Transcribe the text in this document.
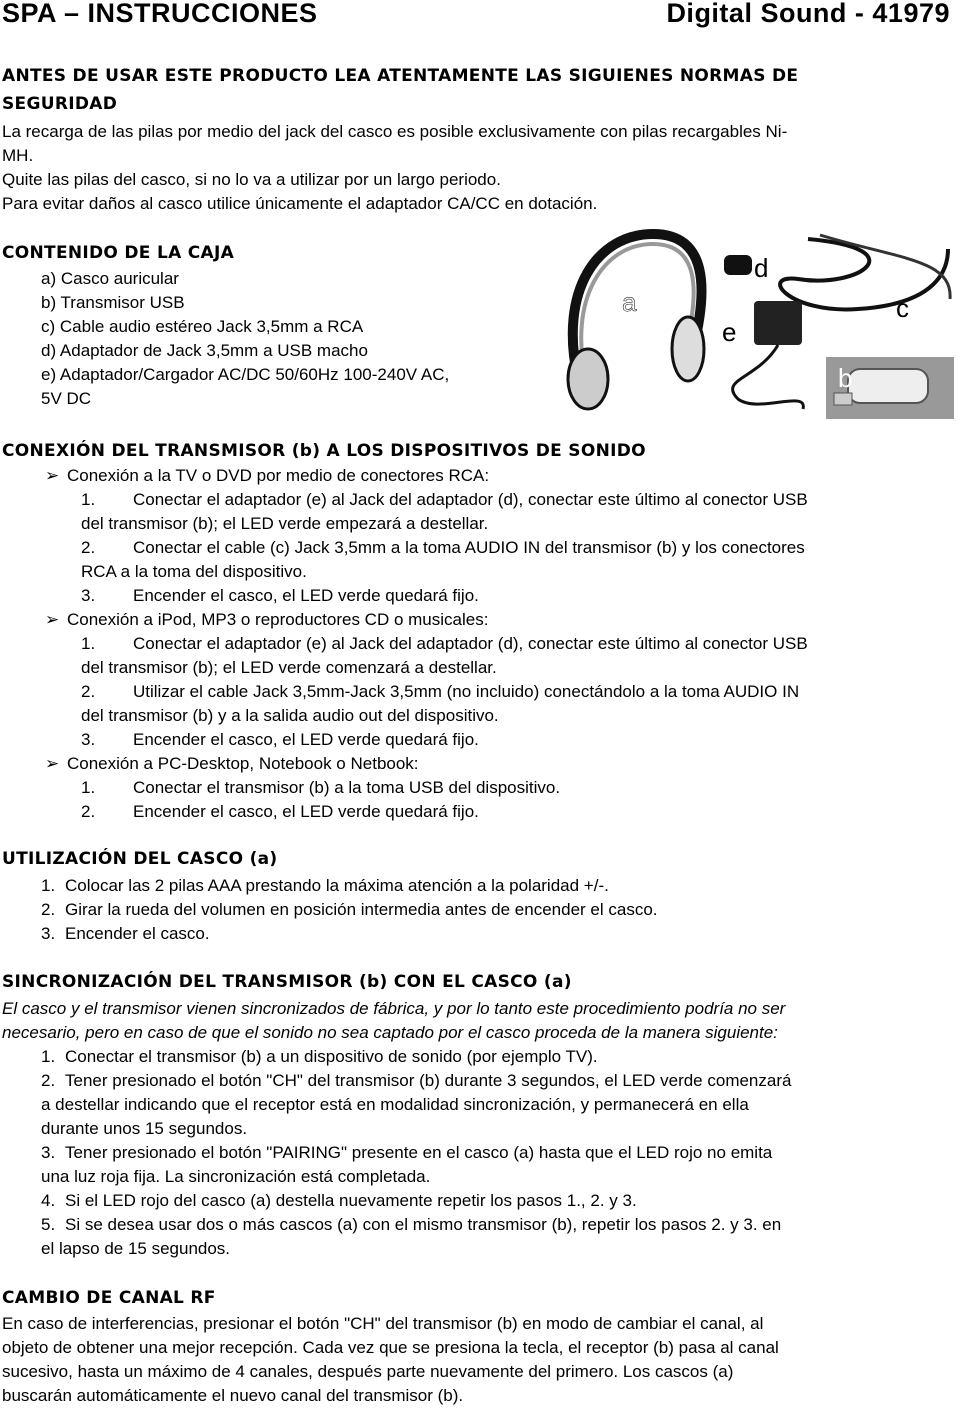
SPA – INSTRUCCIONES	Digital Sound - 41979
ANTES DE USAR ESTE PRODUCTO LEA ATENTAMENTE LAS SIGUIENES NORMAS DE
SEGURIDAD
La recarga de las pilas por medio del jack del casco es posible exclusivamente con pilas recargables Ni-
MH.
Quite las pilas del casco, si no lo va a utilizar por un largo periodo.
Para evitar daños al casco utilice únicamente el adaptador CA/CC en dotación.
CONTENIDO DE LA CAJA
a) Casco auricular
b) Transmisor USB
c) Cable audio estéreo Jack 3,5mm a RCA
d) Adaptador de Jack 3,5mm a USB macho
e) Adaptador/Cargador AC/DC 50/60Hz 100-240V AC,
5V DC
a
d
c
e
b
CONEXIÓN DEL TRANSMISOR (b) A LOS DISPOSITIVOS DE SONIDO
➢ Conexión a la TV o DVD por medio de conectores RCA:
1. Conectar el adaptador (e) al Jack del adaptador (d), conectar este último al conector USB
del transmisor (b); el LED verde empezará a destellar.
2. Conectar el cable (c) Jack 3,5mm a la toma AUDIO IN del transmisor (b) y los conectores
RCA a la toma del dispositivo.
3. Encender el casco, el LED verde quedará fijo.
➢ Conexión a iPod, MP3 o reproductores CD o musicales:
1. Conectar el adaptador (e) al Jack del adaptador (d), conectar este último al conector USB
del transmisor (b); el LED verde comenzará a destellar.
2. Utilizar el cable Jack 3,5mm-Jack 3,5mm (no incluido) conectándolo a la toma AUDIO IN
del transmisor (b) y a la salida audio out del dispositivo.
3. Encender el casco, el LED verde quedará fijo.
➢ Conexión a PC-Desktop, Notebook o Netbook:
1. Conectar el transmisor (b) a la toma USB del dispositivo.
2. Encender el casco, el LED verde quedará fijo.
UTILIZACIÓN DEL CASCO (a)
1. Colocar las 2 pilas AAA prestando la máxima atención a la polaridad +/-.
2. Girar la rueda del volumen en posición intermedia antes de encender el casco.
3. Encender el casco.
SINCRONIZACIÓN DEL TRANSMISOR (b) CON EL CASCO (a)
El casco y el transmisor vienen sincronizados de fábrica, y por lo tanto este procedimiento podría no ser
necesario, pero en caso de que el sonido no sea captado por el casco proceda de la manera siguiente:
1. Conectar el transmisor (b) a un dispositivo de sonido (por ejemplo TV).
2. Tener presionado el botón "CH" del transmisor (b) durante 3 segundos, el LED verde comenzará
a destellar indicando que el receptor está en modalidad sincronización, y permanecerá en ella
durante unos 15 segundos.
3. Tener presionado el botón "PAIRING" presente en el casco (a) hasta que el LED rojo no emita
una luz roja fija. La sincronización está completada.
4. Si el LED rojo del casco (a) destella nuevamente repetir los pasos 1., 2. y 3.
5. Si se desea usar dos o más cascos (a) con el mismo transmisor (b), repetir los pasos 2. y 3. en
el lapso de 15 segundos.
CAMBIO DE CANAL RF
En caso de interferencias, presionar el botón "CH" del transmisor (b) en modo de cambiar el canal, al
objeto de obtener una mejor recepción. Cada vez que se presiona la tecla, el receptor (b) pasa al canal
sucesivo, hasta un máximo de 4 canales, después parte nuevamente del primero. Los cascos (a)
buscarán automáticamente el nuevo canal del transmisor (b).
